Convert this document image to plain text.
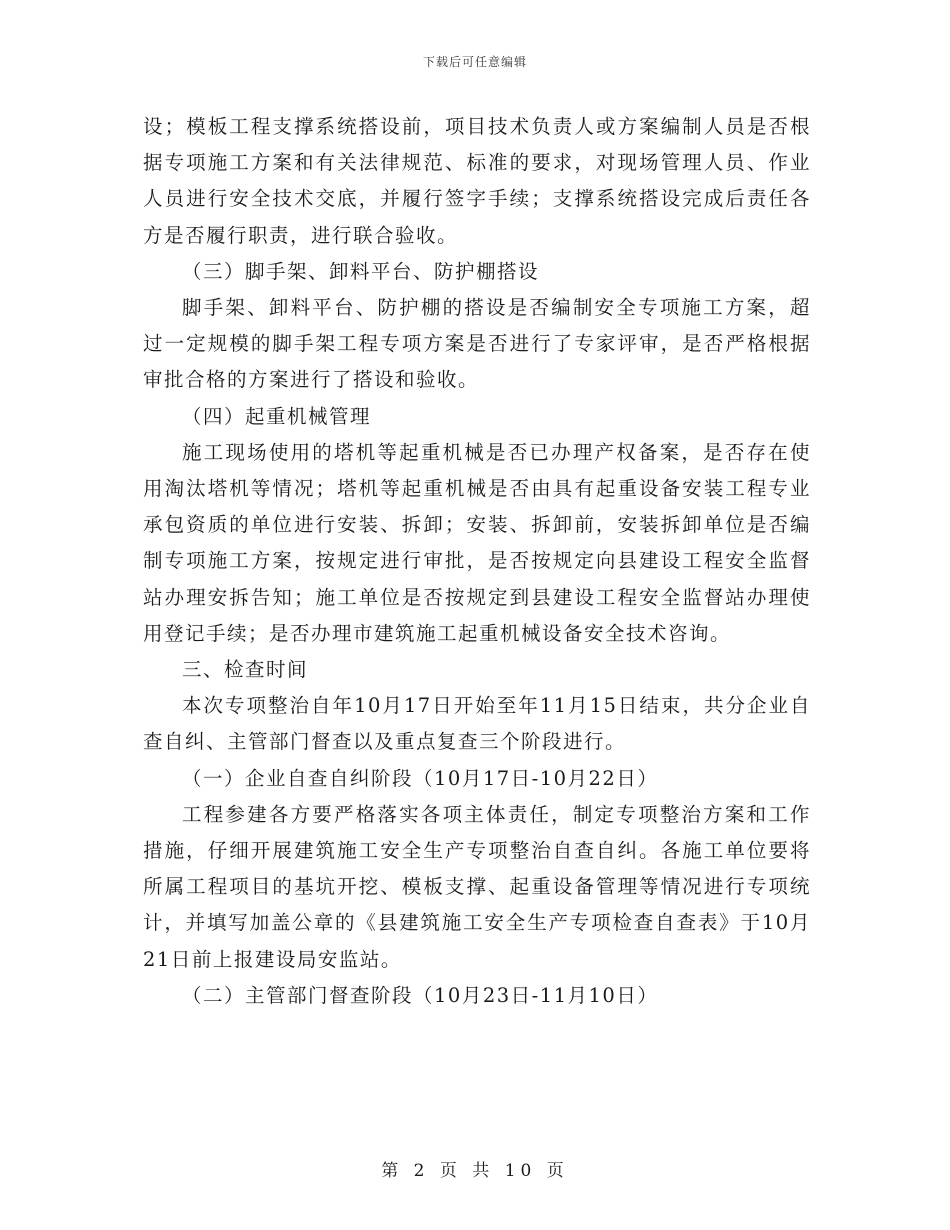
下载后可任意编辑

设；模板工程支撑系统搭设前，项目技术负责人或方案编制人员是否根据专项施工方案和有关法律规范、标准的要求，对现场管理人员、作业人员进行安全技术交底，并履行签字手续；支撑系统搭设完成后责任各方是否履行职责，进行联合验收。

（三）脚手架、卸料平台、防护棚搭设

脚手架、卸料平台、防护棚的搭设是否编制安全专项施工方案，超过一定规模的脚手架工程专项方案是否进行了专家评审，是否严格根据审批合格的方案进行了搭设和验收。

（四）起重机械管理

施工现场使用的塔机等起重机械是否已办理产权备案，是否存在使用淘汰塔机等情况；塔机等起重机械是否由具有起重设备安装工程专业承包资质的单位进行安装、拆卸；安装、拆卸前，安装拆卸单位是否编制专项施工方案，按规定进行审批，是否按规定向县建设工程安全监督站办理安拆告知；施工单位是否按规定到县建设工程安全监督站办理使用登记手续；是否办理市建筑施工起重机械设备安全技术咨询。

三、检查时间

本次专项整治自年10月17日开始至年11月15日结束，共分企业自查自纠、主管部门督查以及重点复查三个阶段进行。

（一）企业自查自纠阶段（10月17日-10月22日）

工程参建各方要严格落实各项主体责任，制定专项整治方案和工作措施，仔细开展建筑施工安全生产专项整治自查自纠。各施工单位要将所属工程项目的基坑开挖、模板支撑、起重设备管理等情况进行专项统计，并填写加盖公章的《县建筑施工安全生产专项检查自查表》于10月21日前上报建设局安监站。

（二）主管部门督查阶段（10月23日-11月10日）

第 2 页 共 10 页
